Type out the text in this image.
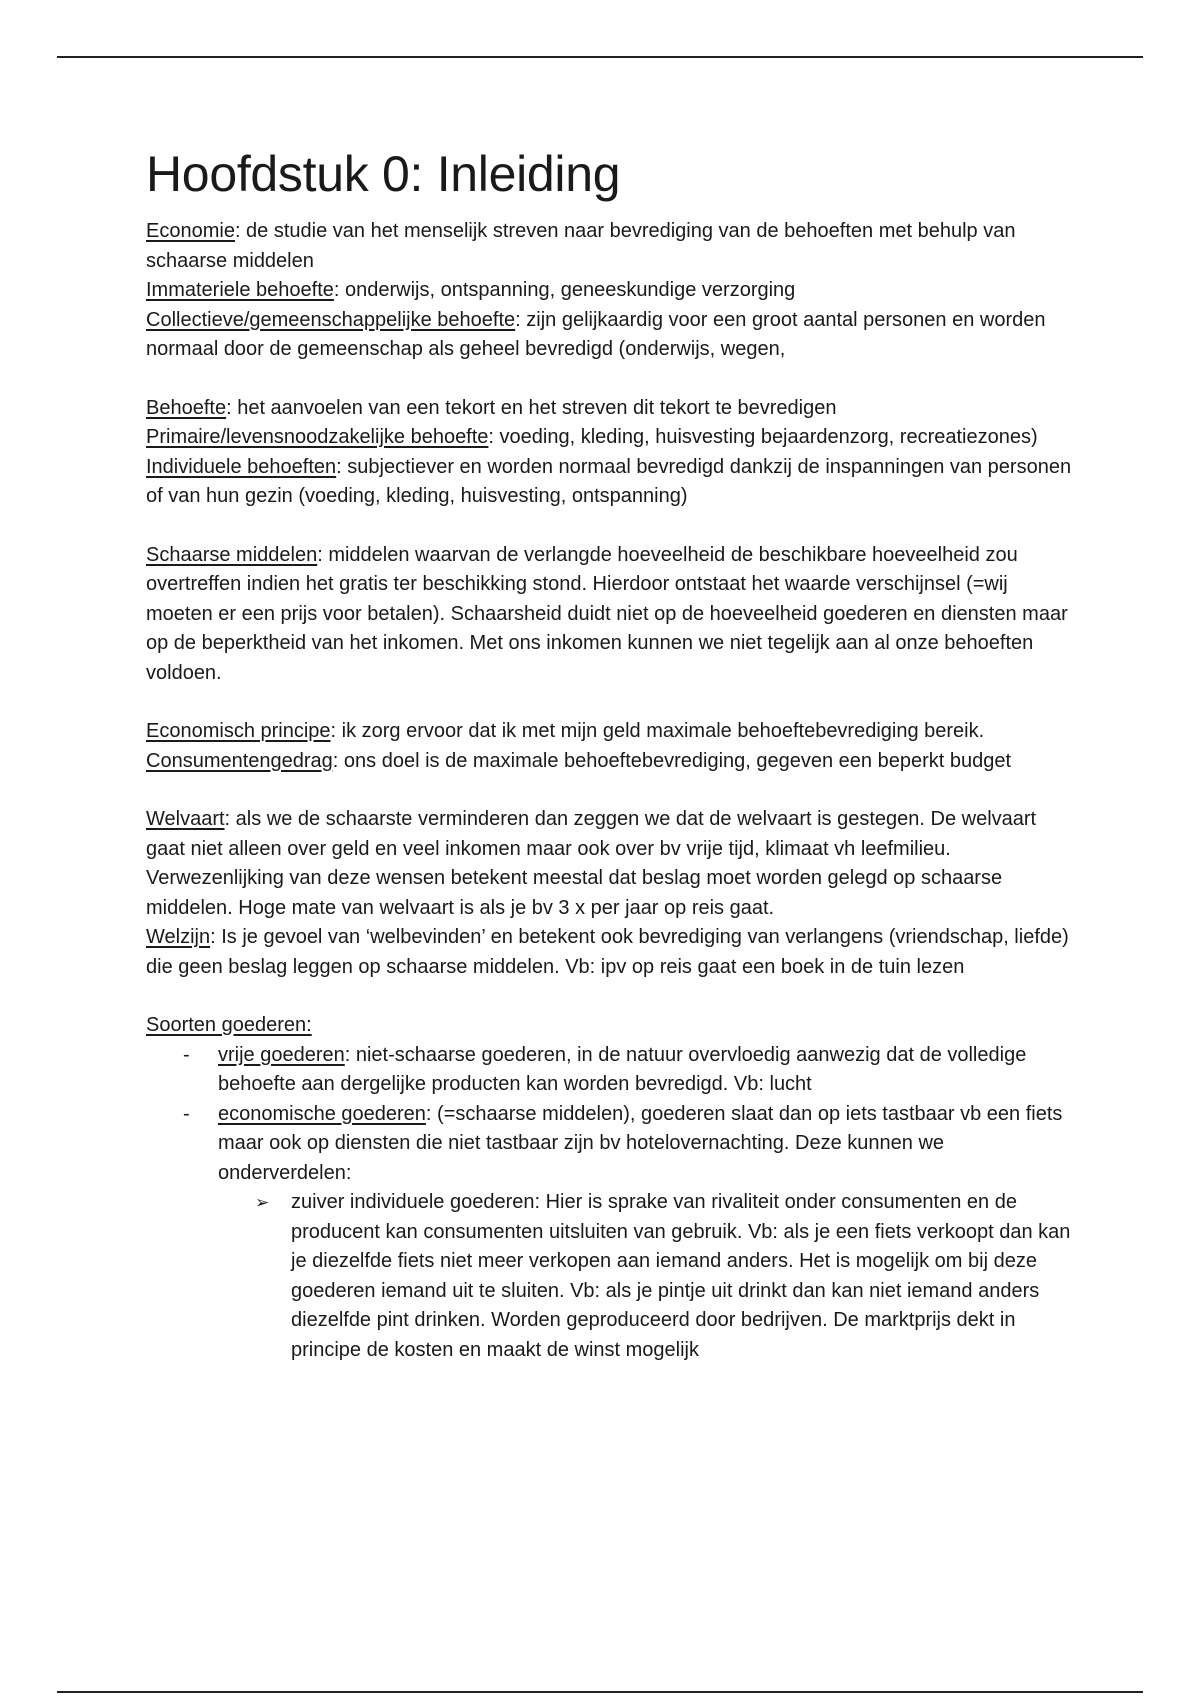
Hoofdstuk 0: Inleiding

Economie: de studie van het menselijk streven naar bevrediging van de behoeften met behulp van schaarse middelen

Immateriele behoefte: onderwijs, ontspanning, geneeskundige verzorging

Collectieve/gemeenschappelijke behoefte: zijn gelijkaardig voor een groot aantal personen en worden normaal door de gemeenschap als geheel bevredigd (onderwijs, wegen,

Behoefte: het aanvoelen van een tekort en het streven dit tekort te bevredigen

Primaire/levensnoodzakelijke behoefte: voeding, kleding, huisvesting bejaardenzorg, recreatiezones)

Individuele behoeften: subjectiever en worden normaal bevredigd dankzij de inspanningen van personen of van hun gezin (voeding, kleding, huisvesting, ontspanning)

Schaarse middelen: middelen waarvan de verlangde hoeveelheid de beschikbare hoeveelheid zou overtreffen indien het gratis ter beschikking stond. Hierdoor ontstaat het waarde verschijnsel (=wij moeten er een prijs voor betalen). Schaarsheid duidt niet op de hoeveelheid goederen en diensten maar op de beperktheid van het inkomen. Met ons inkomen kunnen we niet tegelijk aan al onze behoeften voldoen.

Economisch principe: ik zorg ervoor dat ik met mijn geld maximale behoeftebevrediging bereik.

Consumentengedrag: ons doel is de maximale behoeftebevrediging, gegeven een beperkt budget

Welvaart: als we de schaarste verminderen dan zeggen we dat de welvaart is gestegen. De welvaart gaat niet alleen over geld en veel inkomen maar ook over bv vrije tijd, klimaat vh leefmilieu. Verwezenlijking van deze wensen betekent meestal dat beslag moet worden gelegd op schaarse middelen. Hoge mate van welvaart is als je bv 3 x per jaar op reis gaat.

Welzijn: Is je gevoel van ‘welbevinden’ en betekent ook bevrediging van verlangens (vriendschap, liefde) die geen beslag leggen op schaarse middelen. Vb: ipv op reis gaat een boek in de tuin lezen

Soorten goederen:

- vrije goederen: niet-schaarse goederen, in de natuur overvloedig aanwezig dat de volledige behoefte aan dergelijke producten kan worden bevredigd. Vb: lucht
- economische goederen: (=schaarse middelen), goederen slaat dan op iets tastbaar vb een fiets maar ook op diensten die niet tastbaar zijn bv hotelovernachting. Deze kunnen we onderverdelen:
➢ zuiver individuele goederen: Hier is sprake van rivaliteit onder consumenten en de producent kan consumenten uitsluiten van gebruik. Vb: als je een fiets verkoopt dan kan je diezelfde fiets niet meer verkopen aan iemand anders. Het is mogelijk om bij deze goederen iemand uit te sluiten. Vb: als je pintje uit drinkt dan kan niet iemand anders diezelfde pint drinken. Worden geproduceerd door bedrijven. De marktprijs dekt in principe de kosten en maakt de winst mogelijk
